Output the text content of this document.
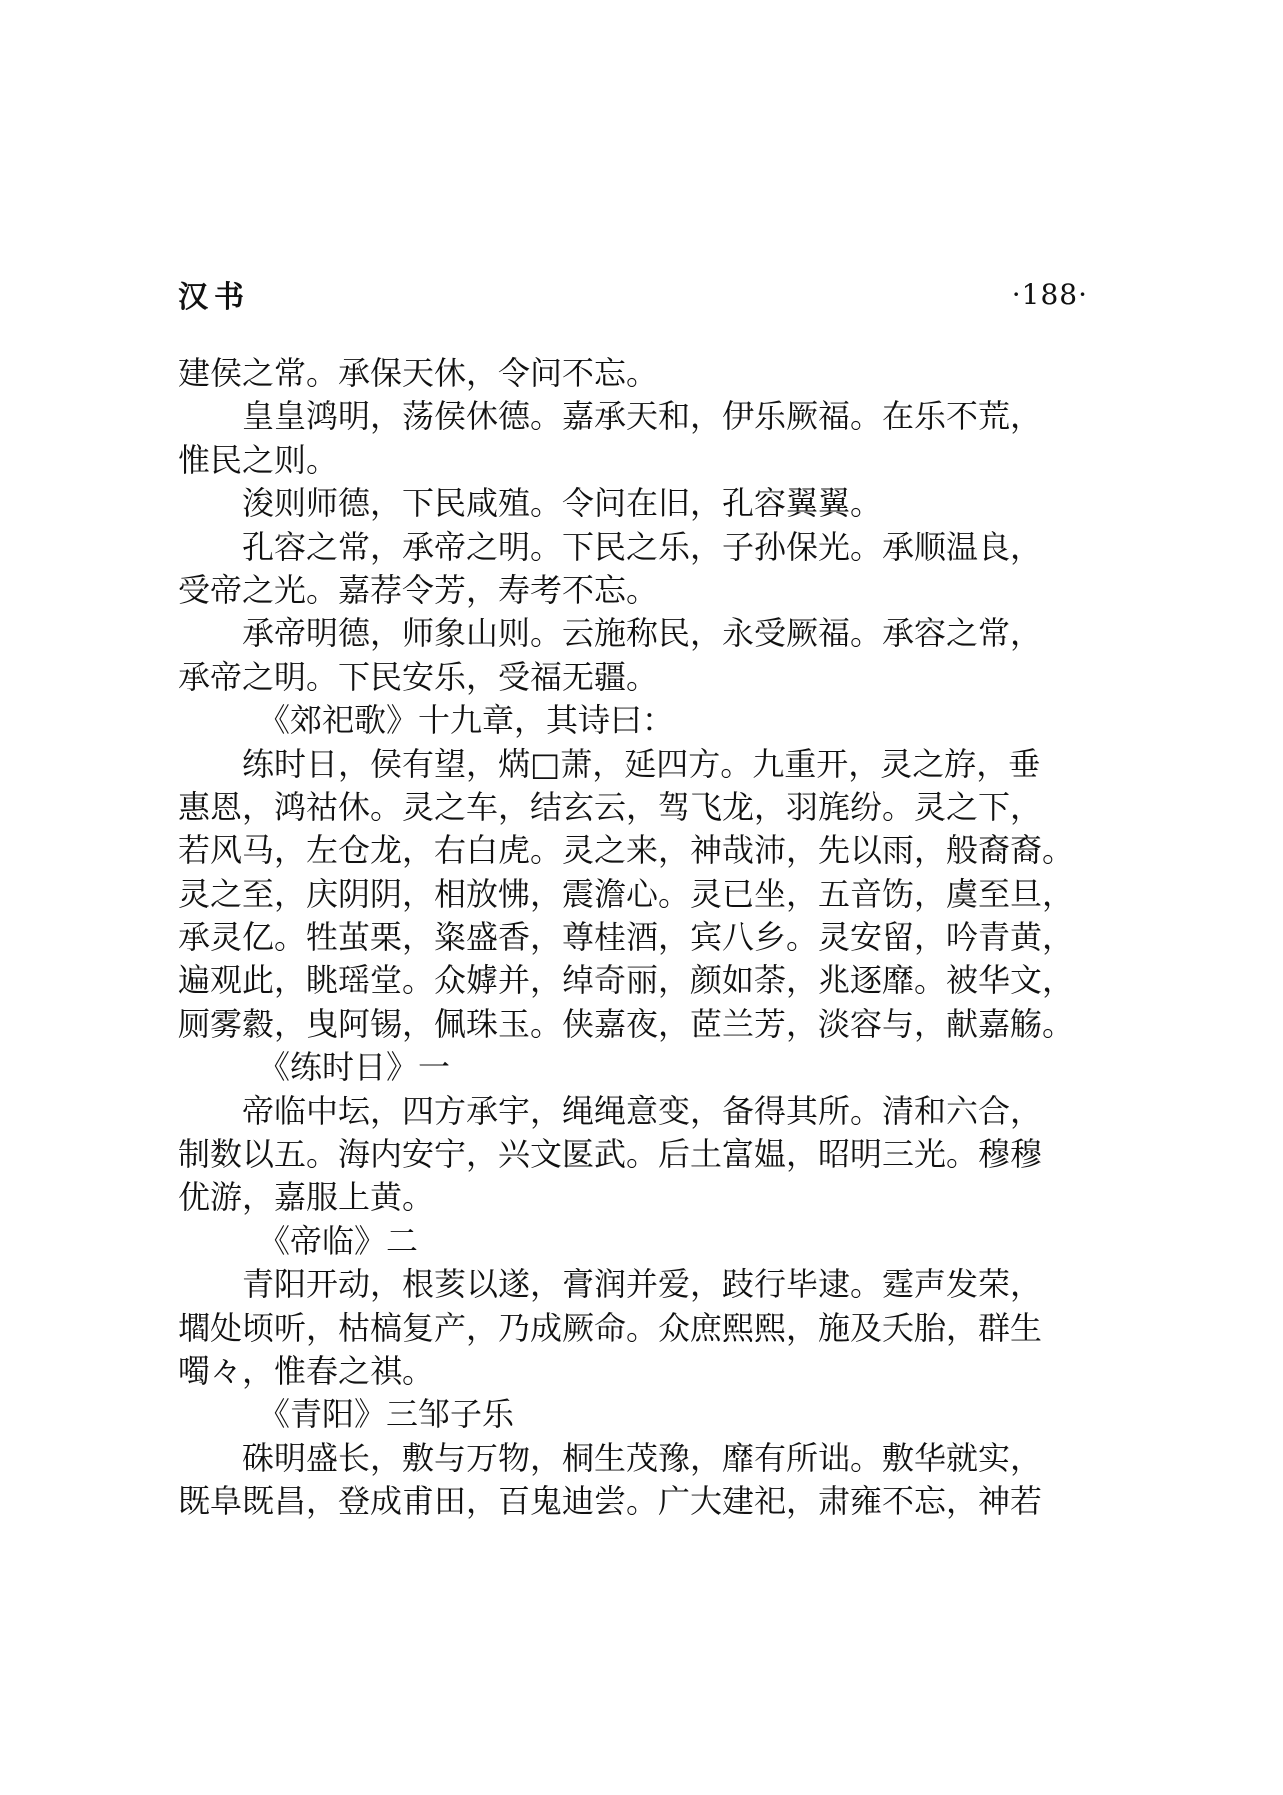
汉书	·188·
建侯之常。承保天休，令问不忘。
皇皇鸿明，荡侯休德。嘉承天和，伊乐厥福。在乐不荒，
惟民之则。
浚则师德，下民咸殖。令问在旧，孔容翼翼。
孔容之常，承帝之明。下民之乐，子孙保光。承顺温良，
受帝之光。嘉荐令芳，寿考不忘。
承帝明德，师象山则。云施称民，永受厥福。承容之常，
承帝之明。下民安乐，受福无疆。
《郊祀歌》十九章，其诗曰：
练时日，侯有望，焫□萧，延四方。九重开，灵之斿，垂
惠恩，鸿祜休。灵之车，结玄云，驾飞龙，羽旄纷。灵之下，
若风马，左仓龙，右白虎。灵之来，神哉沛，先以雨，般裔裔。
灵之至，庆阴阴，相放怫，震澹心。灵已坐，五音饬，虞至旦，
承灵亿。牲茧栗，粢盛香，尊桂酒，宾八乡。灵安留，吟青黄，
遍观此，眺瑶堂。众嫭并，绰奇丽，颜如荼，兆逐靡。被华文，
厕雾縠，曳阿锡，佩珠玉。侠嘉夜，茝兰芳，淡容与，献嘉觞。
《练时日》一
帝临中坛，四方承宇，绳绳意变，备得其所。清和六合，
制数以五。海内安宁，兴文匽武。后土富媪，昭明三光。穆穆
优游，嘉服上黄。
《帝临》二
青阳开动，根荄以遂，膏润并爱，跂行毕逮。霆声发荣，
壛处顷听，枯槁复产，乃成厥命。众庶熙熙，施及夭胎，群生
噣々，惟春之祺。
《青阳》三邹子乐
硃明盛长，敷与万物，桐生茂豫，靡有所诎。敷华就实，
既阜既昌，登成甫田，百鬼迪尝。广大建祀，肃雍不忘，神若
